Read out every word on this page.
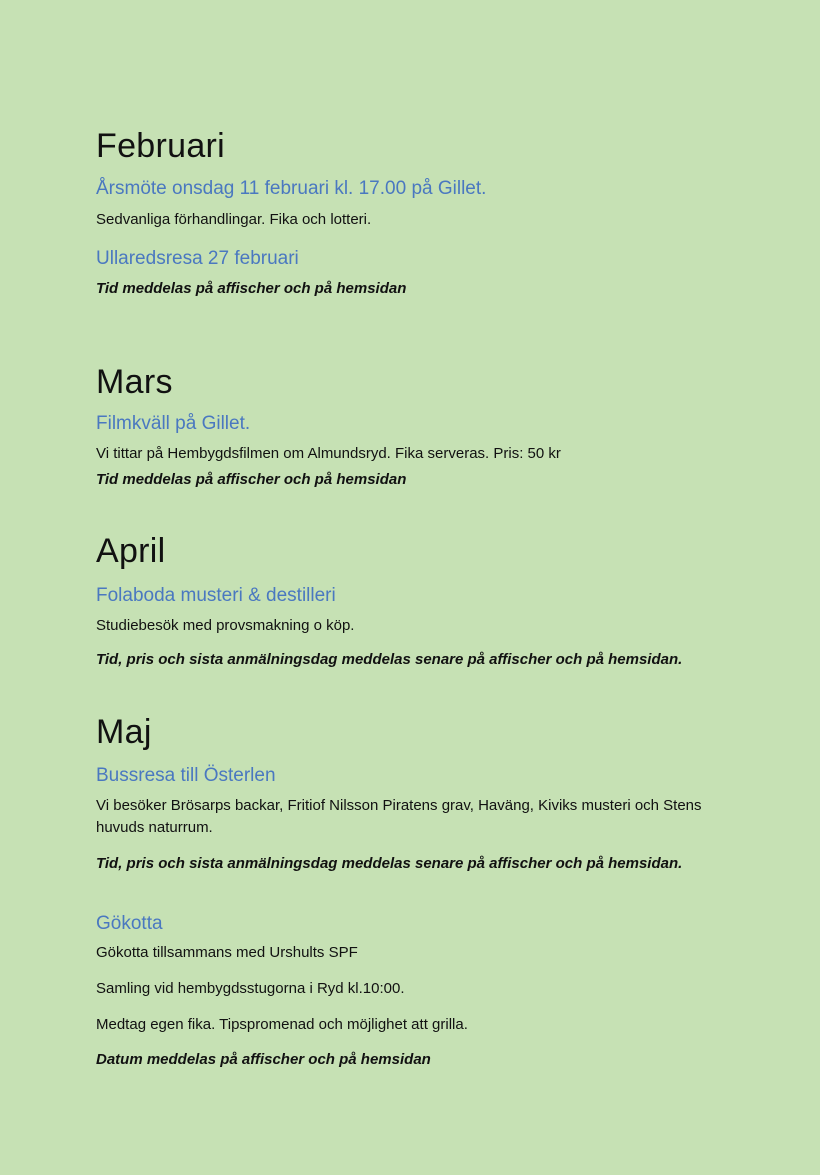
Februari
Årsmöte onsdag 11 februari kl. 17.00 på Gillet.

Sedvanliga förhandlingar. Fika och lotteri.

Ullaredsresa 27 februari

Tid meddelas på affischer och på hemsidan

Mars
Filmkväll på Gillet.

Vi tittar på Hembygdsfilmen om Almundsryd. Fika serveras. Pris: 50 kr

Tid meddelas på affischer och på hemsidan

April
Folaboda musteri & destilleri

Studiebesök med provsmakning o köp.

Tid, pris och sista anmälningsdag meddelas senare på affischer och på hemsidan.

Maj
Bussresa till Österlen

Vi besöker Brösarps backar, Fritiof Nilsson Piratens grav, Haväng, Kiviks musteri och Stens huvuds naturrum.

Tid, pris och sista anmälningsdag meddelas senare på affischer och på hemsidan.

Gökotta

Gökotta tillsammans med Urshults SPF

Samling vid hembygdsstugorna i Ryd kl.10:00.

Medtag egen fika. Tipspromenad och möjlighet att grilla.

Datum meddelas på affischer och på hemsidan
